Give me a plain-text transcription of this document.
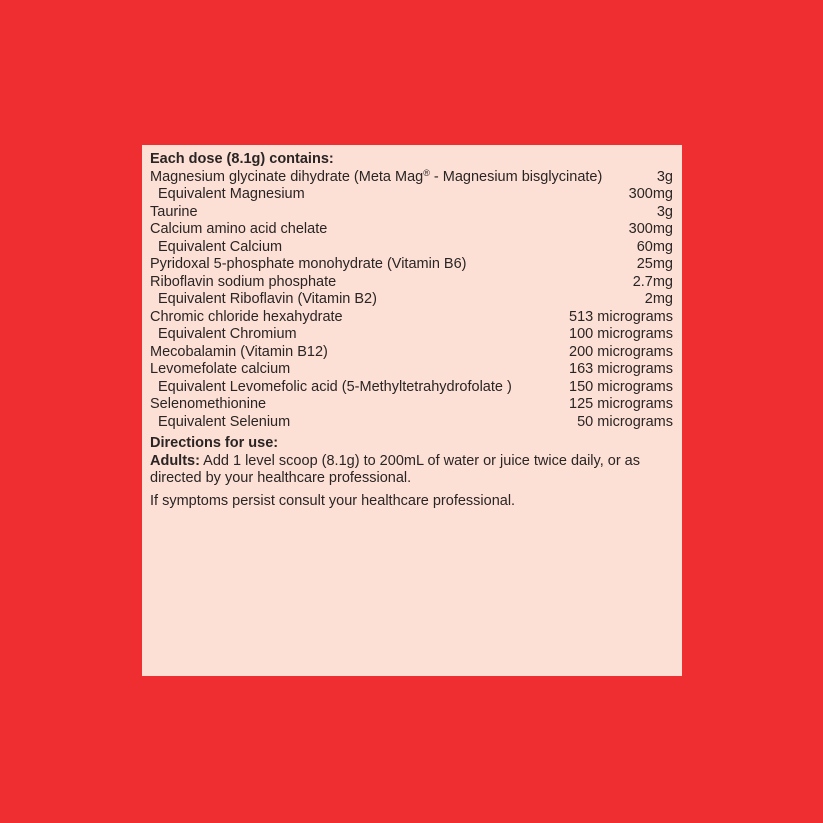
Each dose (8.1g) contains:

Magnesium glycinate dihydrate (Meta Mag® - Magnesium bisglycinate)	3g
Equivalent Magnesium	300mg
Taurine	3g
Calcium amino acid chelate	300mg
Equivalent Calcium	60mg
Pyridoxal 5-phosphate monohydrate (Vitamin B6)	25mg
Riboflavin sodium phosphate	2.7mg
Equivalent Riboflavin (Vitamin B2)	2mg
Chromic chloride hexahydrate	513 micrograms
Equivalent Chromium	100 micrograms
Mecobalamin (Vitamin B12)	200 micrograms
Levomefolate calcium	163 micrograms
Equivalent Levomefolic acid (5-Methyltetrahydrofolate )	150 micrograms
Selenomethionine	125 micrograms
Equivalent Selenium	50 micrograms

Directions for use:

Adults: Add 1 level scoop (8.1g) to 200mL of water or juice twice daily, or as directed by your healthcare professional.

If symptoms persist consult your healthcare professional.
